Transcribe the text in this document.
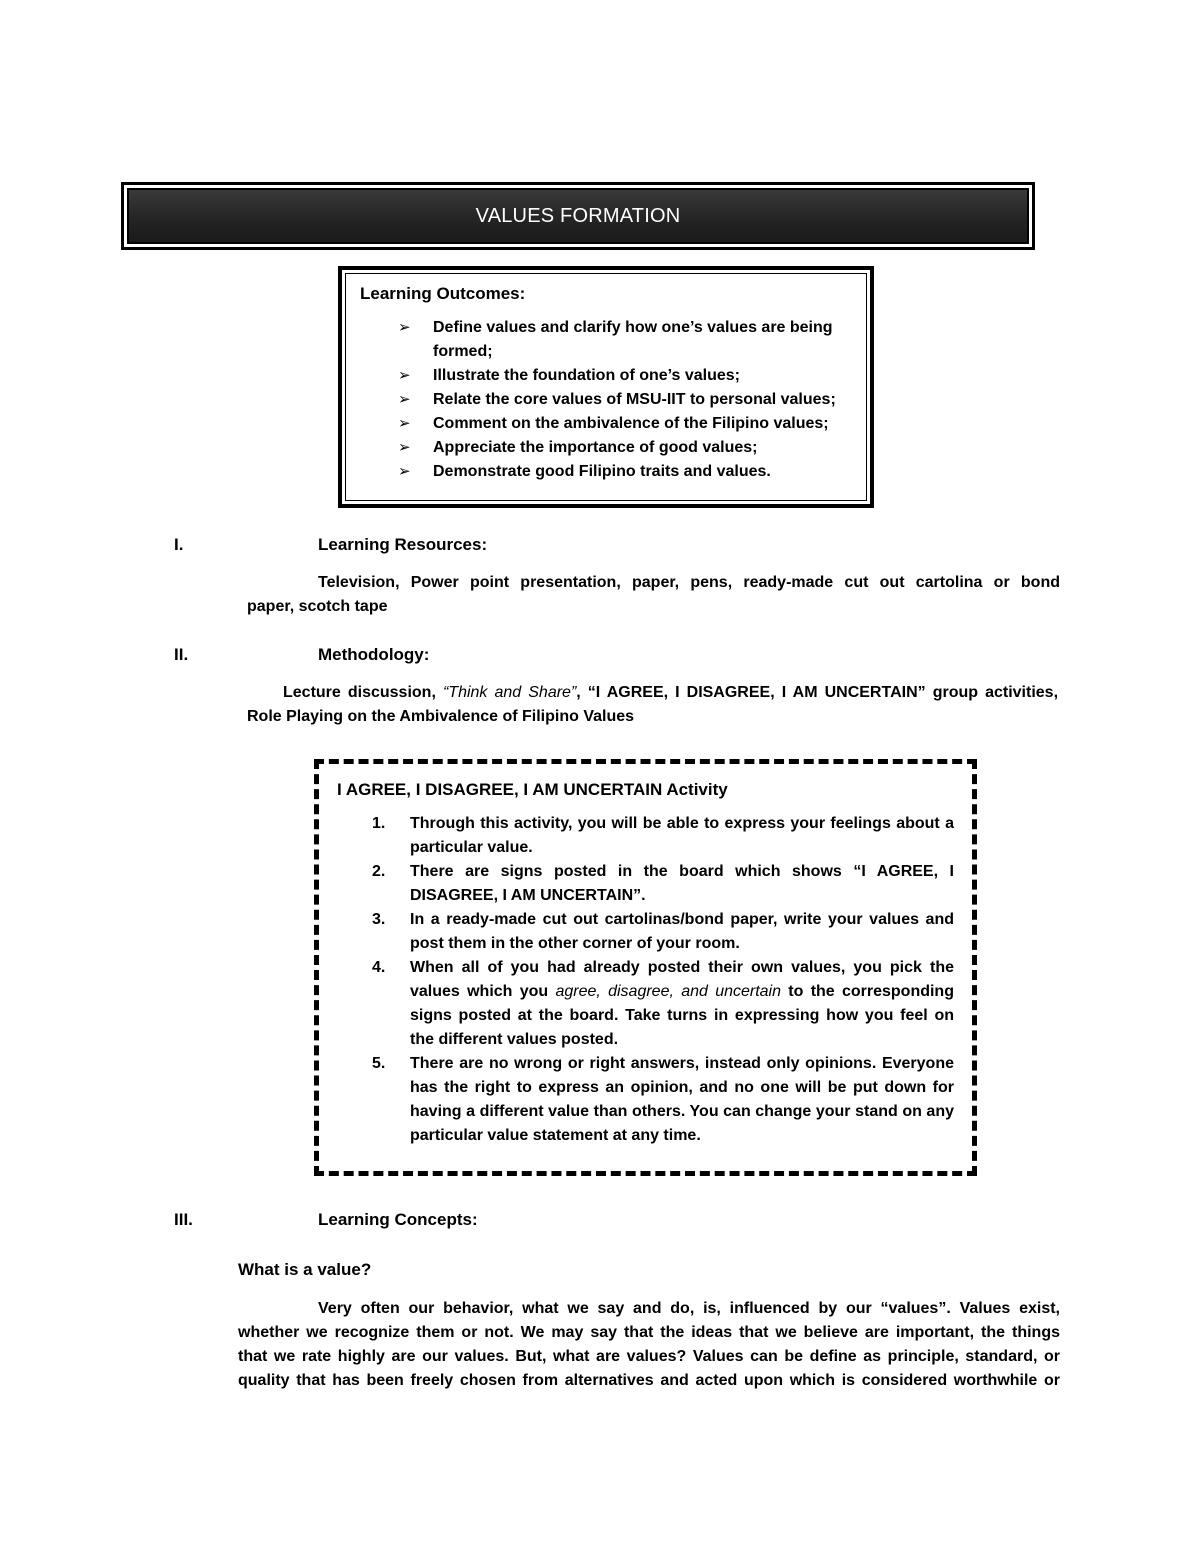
VALUES FORMATION
Learning Outcomes:
➢ Define values and clarify how one’s values are being formed;
➢ Illustrate the foundation of one’s values;
➢ Relate the core values of MSU-IIT to personal values;
➢ Comment on the ambivalence of the Filipino values;
➢ Appreciate the importance of good values;
➢ Demonstrate good Filipino traits and values.
I.	Learning Resources:
Television, Power point presentation, paper, pens, ready-made cut out cartolina or bond
paper, scotch tape
II.	Methodology:
Lecture discussion, “Think and Share”, “I AGREE, I DISAGREE, I AM UNCERTAIN” group activities,
Role Playing on the Ambivalence of Filipino Values
I AGREE, I DISAGREE, I AM UNCERTAIN Activity
1. Through this activity, you will be able to express your feelings about a particular value.
2. There are signs posted in the board which shows “I AGREE, I DISAGREE, I AM UNCERTAIN”.
3. In a ready-made cut out cartolinas/bond paper, write your values and post them in the other corner of your room.
4. When all of you had already posted their own values, you pick the values which you agree, disagree, and uncertain to the corresponding signs posted at the board. Take turns in expressing how you feel on the different values posted.
5. There are no wrong or right answers, instead only opinions. Everyone has the right to express an opinion, and no one will be put down for having a different value than others. You can change your stand on any particular value statement at any time.
III.	Learning Concepts:
What is a value?
Very often our behavior, what we say and do, is, influenced by our “values”. Values exist,
whether we recognize them or not. We may say that the ideas that we believe are important, the things
that we rate highly are our values. But, what are values? Values can be define as principle, standard, or
quality that has been freely chosen from alternatives and acted upon which is considered worthwhile or
